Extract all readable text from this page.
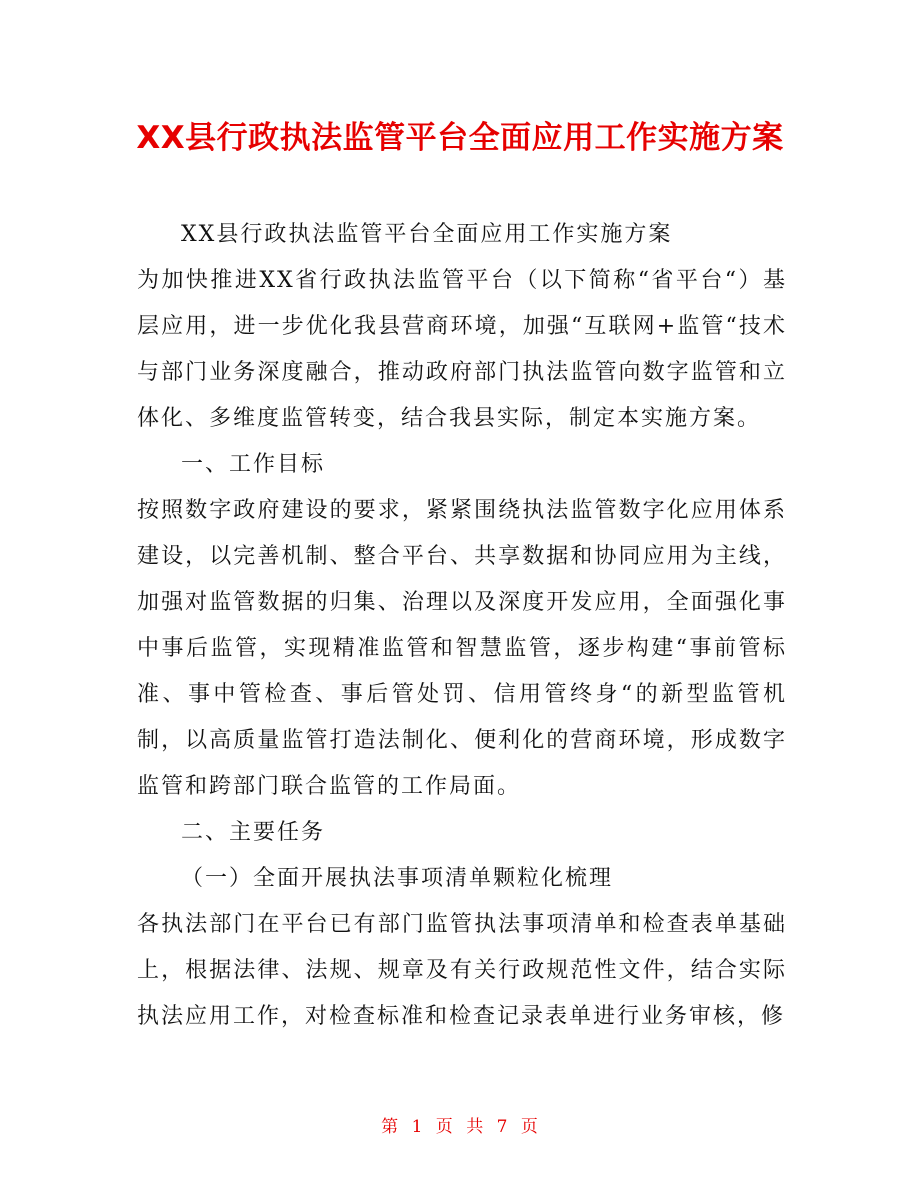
XX县行政执法监管平台全面应用工作实施方案

XX县行政执法监管平台全面应用工作实施方案

为加快推进XX省行政执法监管平台（以下简称“省平台“）基层应用，进一步优化我县营商环境，加强“互联网+监管“技术与部门业务深度融合，推动政府部门执法监管向数字监管和立体化、多维度监管转变，结合我县实际，制定本实施方案。

一、工作目标

按照数字政府建设的要求，紧紧围绕执法监管数字化应用体系建设，以完善机制、整合平台、共享数据和协同应用为主线，加强对监管数据的归集、治理以及深度开发应用，全面强化事中事后监管，实现精准监管和智慧监管，逐步构建“事前管标准、事中管检查、事后管处罚、信用管终身“的新型监管机制，以高质量监管打造法制化、便利化的营商环境，形成数字监管和跨部门联合监管的工作局面。

二、主要任务

（一）全面开展执法事项清单颗粒化梳理

各执法部门在平台已有部门监管执法事项清单和检查表单基础上，根据法律、法规、规章及有关行政规范性文件，结合实际执法应用工作，对检查标准和检查记录表单进行业务审核，修

第 1 页 共 7 页
